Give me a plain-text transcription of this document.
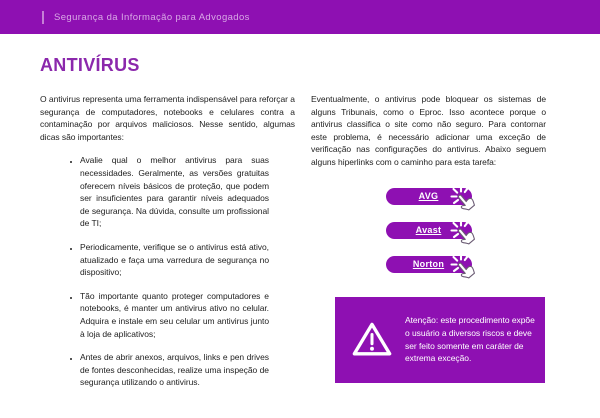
Segurança da Informação para Advogados
ANTIVÍRUS

O antivirus representa uma ferramenta indispensável para reforçar a segurança de computadores, notebooks e celulares contra a contaminação por arquivos maliciosos. Nesse sentido, algumas dicas são importantes:

• Avalie qual o melhor antivirus para suas necessidades. Geralmente, as versões gratuitas oferecem níveis básicos de proteção, que podem ser insuficientes para garantir níveis adequados de segurança. Na dúvida, consulte um profissional de TI;
• Periodicamente, verifique se o antivirus está ativo, atualizado e faça uma varredura de segurança no dispositivo;
• Tão importante quanto proteger computadores e notebooks, é manter um antivirus ativo no celular. Adquira e instale em seu celular um antivirus junto à loja de aplicativos;
• Antes de abrir anexos, arquivos, links e pen drives de fontes desconhecidas, realize uma inspeção de segurança utilizando o antivirus.

Eventualmente, o antivirus pode bloquear os sistemas de alguns Tribunais, como o Eproc. Isso acontece porque o antivirus classifica o site como não seguro. Para contornar este problema, é necessário adicionar uma exceção de verificação nas configurações do antivirus. Abaixo seguem alguns hiperlinks com o caminho para esta tarefa:

AVG
Avast
Norton

Atenção: este procedimento expõe o usuário a diversos riscos e deve ser feito somente em caráter de extrema exceção.
